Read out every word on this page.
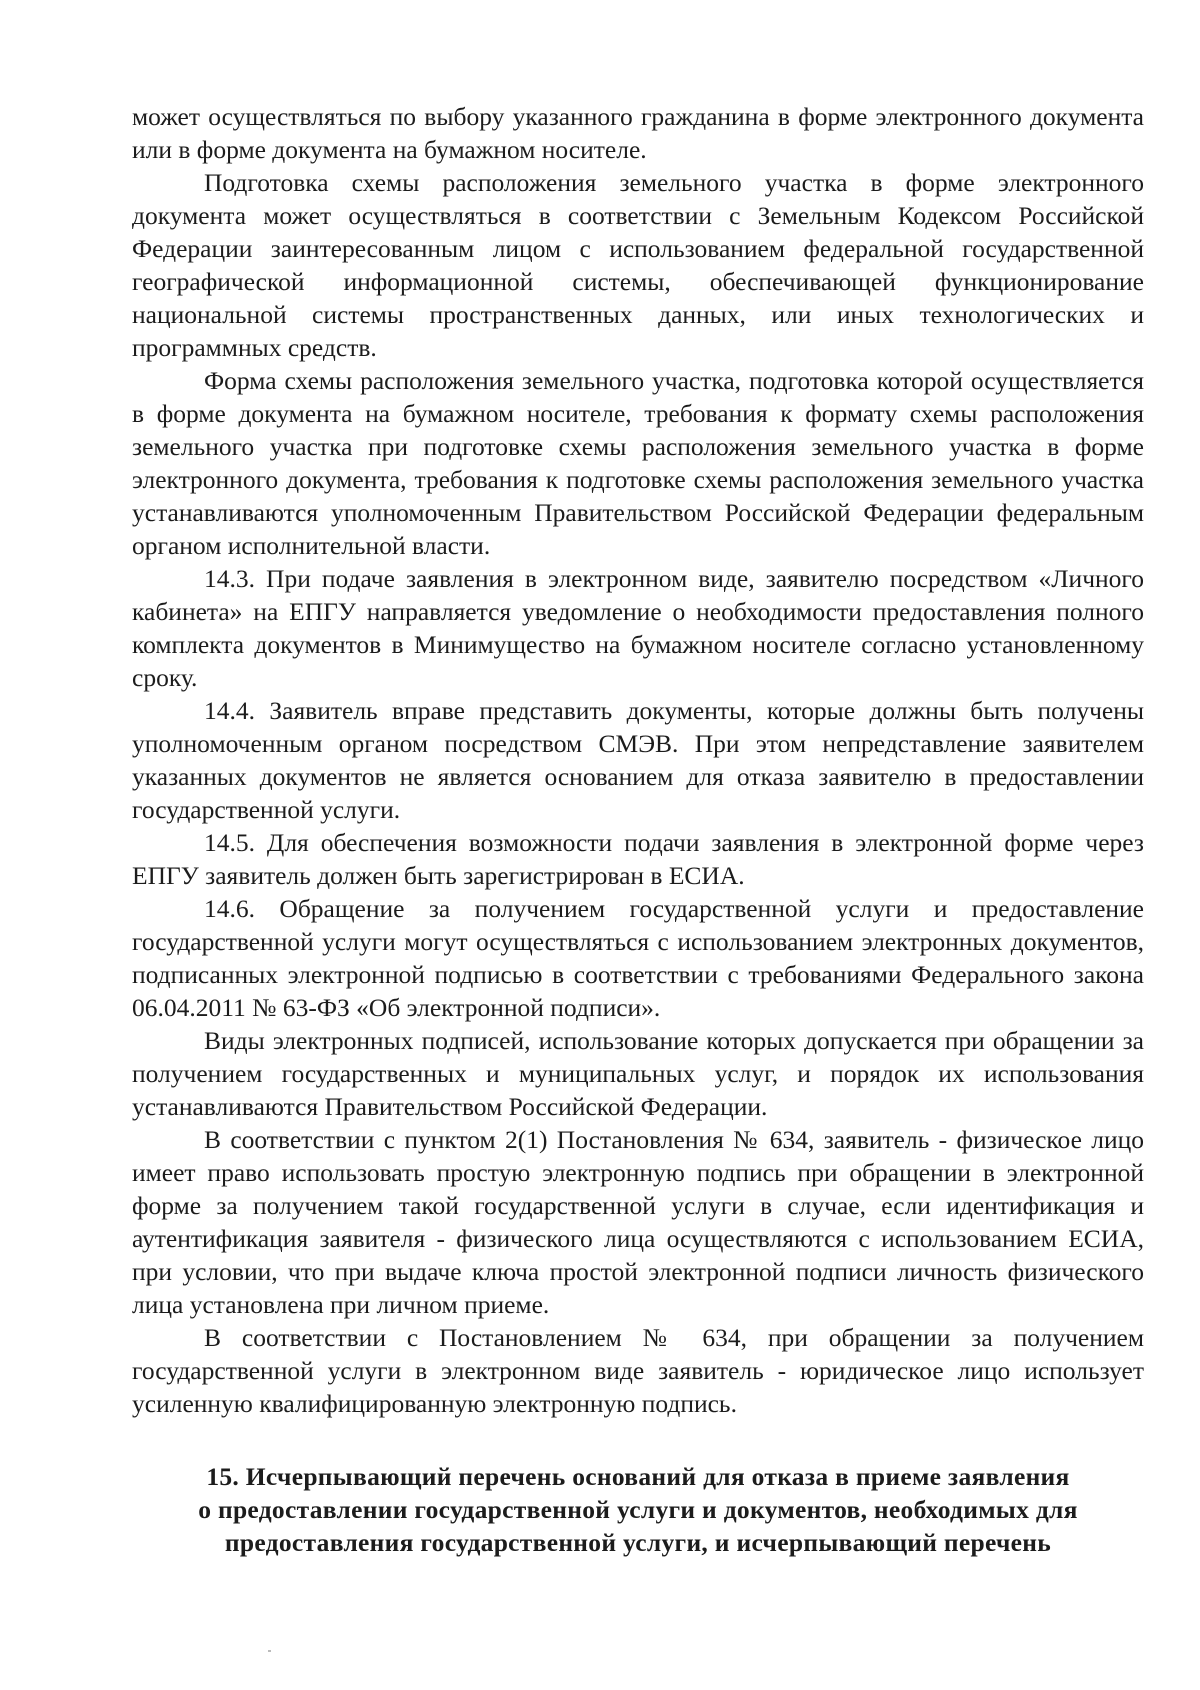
может осуществляться по выбору указанного гражданина в форме электронного документа или в форме документа на бумажном носителе.

Подготовка схемы расположения земельного участка в форме электронного документа может осуществляться в соответствии с Земельным Кодексом Российской Федерации заинтересованным лицом с использованием федеральной государственной географической информационной системы, обеспечивающей функционирование национальной системы пространственных данных, или иных технологических и программных средств.

Форма схемы расположения земельного участка, подготовка которой осуществляется в форме документа на бумажном носителе, требования к формату схемы расположения земельного участка при подготовке схемы расположения земельного участка в форме электронного документа, требования к подготовке схемы расположения земельного участка устанавливаются уполномоченным Правительством Российской Федерации федеральным органом исполнительной власти.

14.3. При подаче заявления в электронном виде, заявителю посредством «Личного кабинета» на ЕПГУ направляется уведомление о необходимости предоставления полного комплекта документов в Минимущество на бумажном носителе согласно установленному сроку.

14.4. Заявитель вправе представить документы, которые должны быть получены уполномоченным органом посредством СМЭВ. При этом непредставление заявителем указанных документов не является основанием для отказа заявителю в предоставлении государственной услуги.

14.5. Для обеспечения возможности подачи заявления в электронной форме через ЕПГУ заявитель должен быть зарегистрирован в ЕСИА.

14.6. Обращение за получением государственной услуги и предоставление государственной услуги могут осуществляться с использованием электронных документов, подписанных электронной подписью в соответствии с требованиями Федерального закона 06.04.2011 № 63-ФЗ «Об электронной подписи».

Виды электронных подписей, использование которых допускается при обращении за получением государственных и муниципальных услуг, и порядок их использования устанавливаются Правительством Российской Федерации.

В соответствии с пунктом 2(1) Постановления № 634, заявитель - физическое лицо имеет право использовать простую электронную подпись при обращении в электронной форме за получением такой государственной услуги в случае, если идентификация и аутентификация заявителя - физического лица осуществляются с использованием ЕСИА, при условии, что при выдаче ключа простой электронной подписи личность физического лица установлена при личном приеме.

В соответствии с Постановлением № 634, при обращении за получением государственной услуги в электронном виде заявитель - юридическое лицо использует усиленную квалифицированную электронную подпись.

15. Исчерпывающий перечень оснований для отказа в приеме заявления
о предоставлении государственной услуги и документов, необходимых для
предоставления государственной услуги, и исчерпывающий перечень
